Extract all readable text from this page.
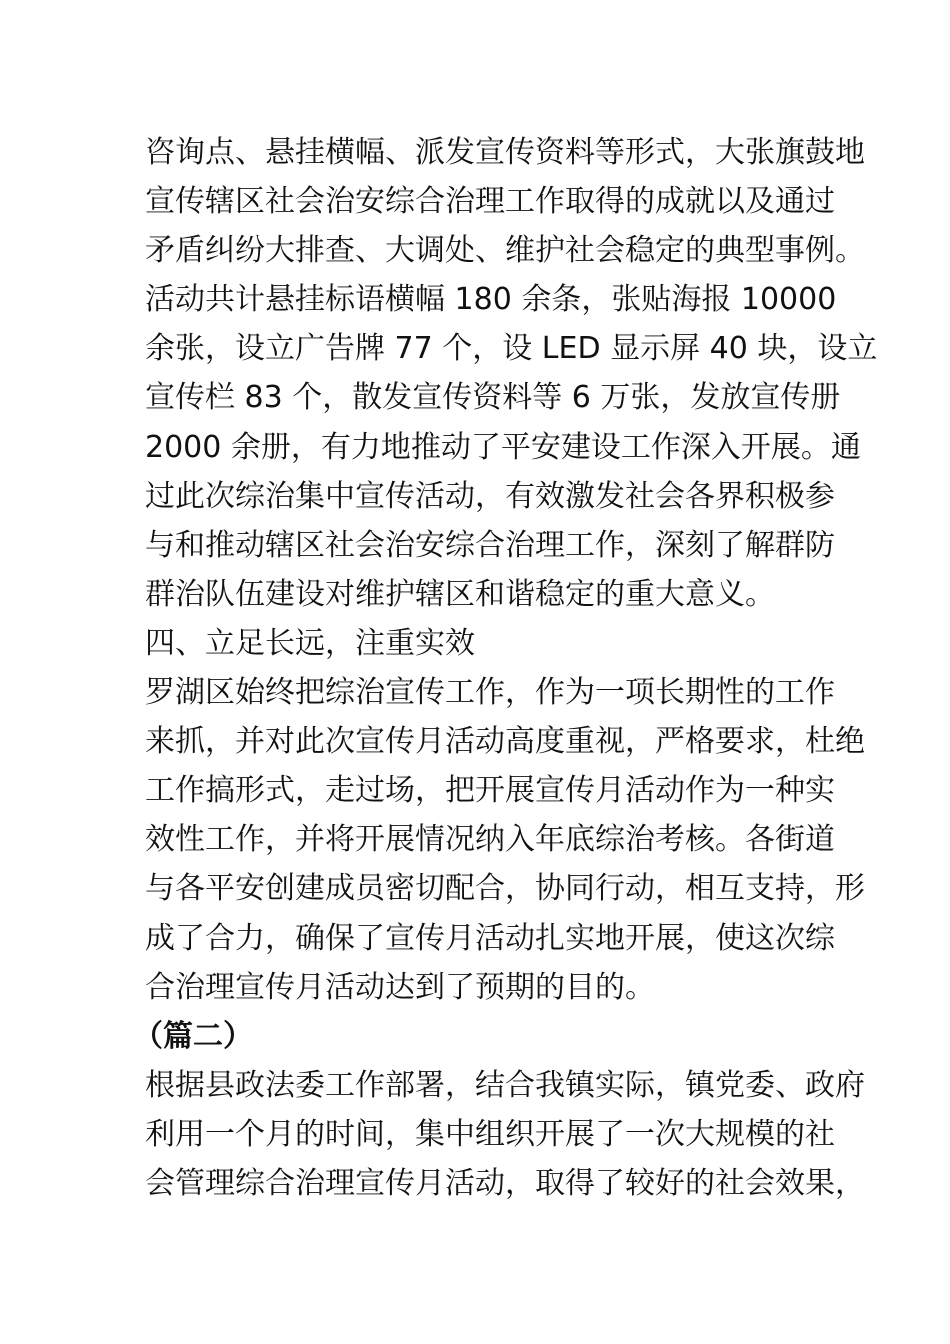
咨询点、悬挂横幅、派发宣传资料等形式，大张旗鼓地
宣传辖区社会治安综合治理工作取得的成就以及通过
矛盾纠纷大排查、大调处、维护社会稳定的典型事例。
活动共计悬挂标语横幅 180 余条，张贴海报 10000
余张，设立广告牌 77 个，设 LED 显示屏 40 块，设立
宣传栏 83 个，散发宣传资料等 6 万张，发放宣传册
2000 余册，有力地推动了平安建设工作深入开展。通
过此次综治集中宣传活动，有效激发社会各界积极参
与和推动辖区社会治安综合治理工作，深刻了解群防
群治队伍建设对维护辖区和谐稳定的重大意义。
四、立足长远，注重实效
罗湖区始终把综治宣传工作，作为一项长期性的工作
来抓，并对此次宣传月活动高度重视，严格要求，杜绝
工作搞形式，走过场，把开展宣传月活动作为一种实
效性工作，并将开展情况纳入年底综治考核。各街道
与各平安创建成员密切配合，协同行动，相互支持，形
成了合力，确保了宣传月活动扎实地开展，使这次综
合治理宣传月活动达到了预期的目的。
（篇二）
根据县政法委工作部署，结合我镇实际，镇党委、政府
利用一个月的时间，集中组织开展了一次大规模的社
会管理综合治理宣传月活动，取得了较好的社会效果，
